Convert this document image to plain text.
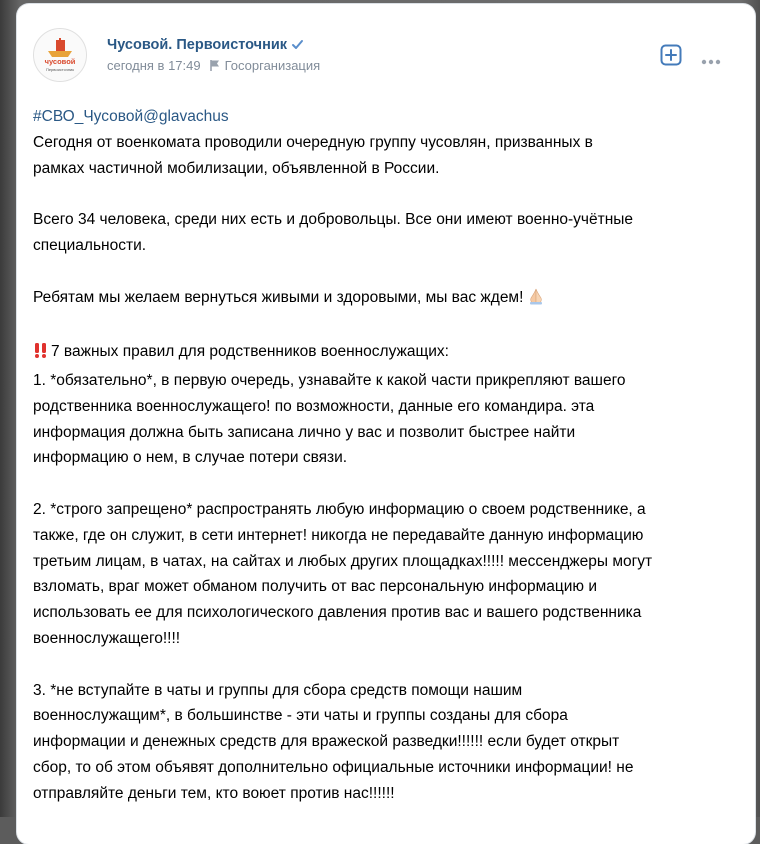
чусовой
Первоисточник
Чусовой. Первоисточник
сегодня в 17:49 Госорганизация

#СВО_Чусовой@glavachus

Сегодня от военкомата проводили очередную группу чусовлян, призванных в

рамках частичной мобилизации, объявленной в России.

Всего 34 человека, среди них есть и добровольцы. Все они имеют военно-учётные

специальности.

Ребятам мы желаем вернуться живыми и здоровыми, мы вас ждем!

7 важных правил для родственников военнослужащих:

1. *обязательно*, в первую очередь, узнавайте к какой части прикрепляют вашего

родственника военнослужащего! по возможности, данные его командира. эта

информация должна быть записана лично у вас и позволит быстрее найти

информацию о нем, в случае потери связи.

2. *строго запрещено* распространять любую информацию о своем родственнике, а

также, где он служит, в сети интернет! никогда не передавайте данную информацию

третьим лицам, в чатах, на сайтах и любых других площадках!!!!! мессенджеры могут

взломать, враг может обманом получить от вас персональную информацию и

использовать ее для психологического давления против вас и вашего родственника

военнослужащего!!!!

3. *не вступайте в чаты и группы для сбора средств помощи нашим

военнослужащим*, в большинстве - эти чаты и группы созданы для сбора

информации и денежных средств для вражеской разведки!!!!!! если будет открыт

сбор, то об этом объявят дополнительно официальные источники информации! не

отправляйте деньги тем, кто воюет против нас!!!!!!
